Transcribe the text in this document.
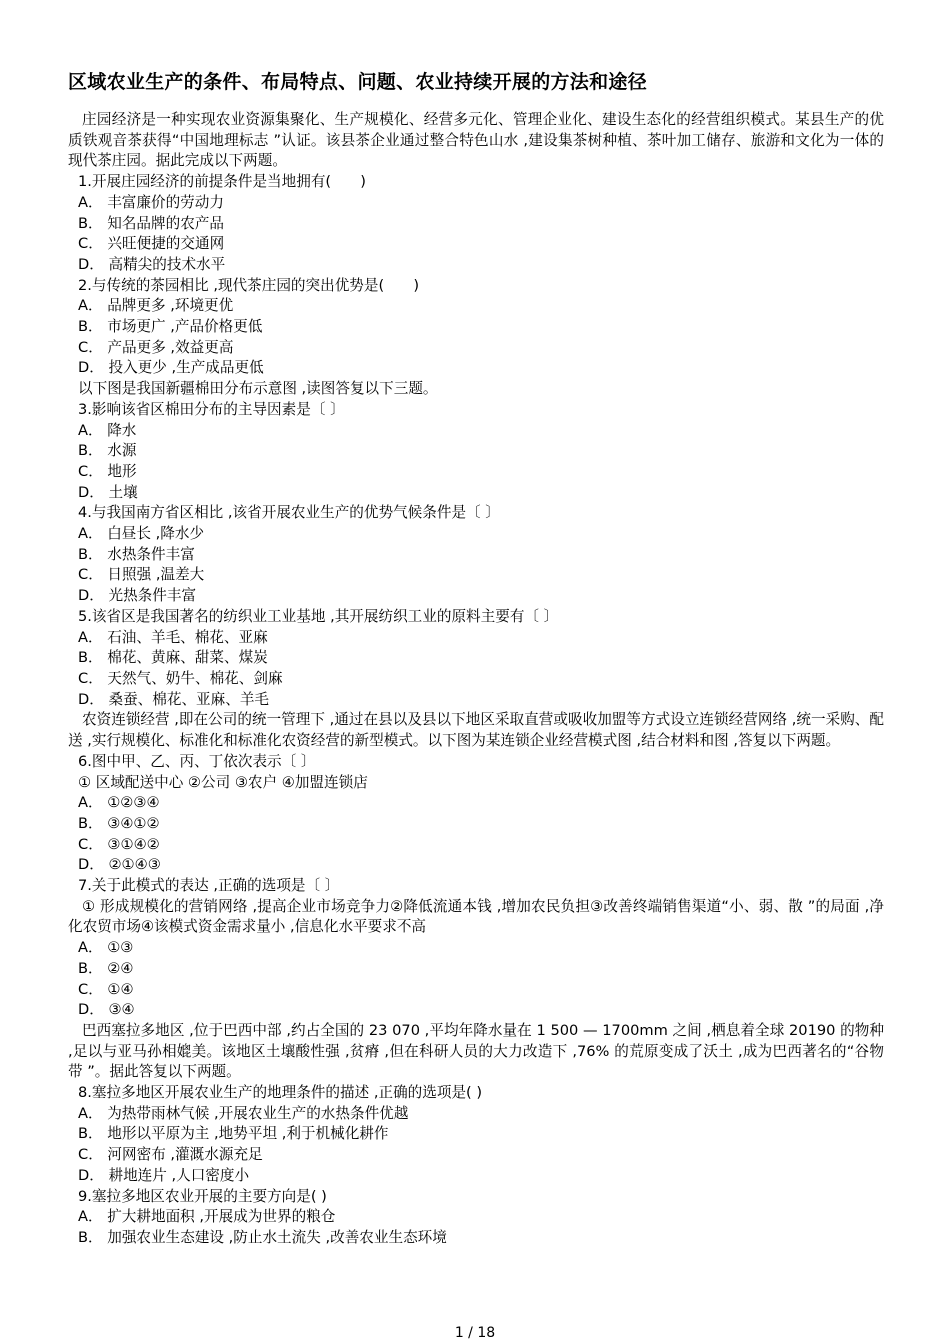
区域农业生产的条件、布局特点、问题、农业持续开展的方法和途径
庄园经济是一种实现农业资源集聚化、生产规模化、经营多元化、管理企业化、建设生态化的经营组织模式。某县生产的优质铁观音茶获得“中国地理标志 ”认证。该县茶企业通过整合特色山水 ,建设集茶树种植、茶叶加工储存、旅游和文化为一体的现代茶庄园。据此完成以下两题。
1.开展庄园经济的前提条件是当地拥有(　　)
A． 丰富廉价的劳动力
B． 知名品牌的农产品
C． 兴旺便捷的交通网
D． 高精尖的技术水平
2.与传统的茶园相比 ,现代茶庄园的突出优势是(　　)
A． 品牌更多 ,环境更优
B． 市场更广 ,产品价格更低
C． 产品更多 ,效益更高
D． 投入更少 ,生产成品更低
以下图是我国新疆棉田分布示意图 ,读图答复以下三题。
3.影响该省区棉田分布的主导因素是〔 〕
A． 降水
B． 水源
C． 地形
D． 土壤
4.与我国南方省区相比 ,该省开展农业生产的优势气候条件是〔 〕
A． 白昼长 ,降水少
B． 水热条件丰富
C． 日照强 ,温差大
D． 光热条件丰富
5.该省区是我国著名的纺织业工业基地 ,其开展纺织工业的原料主要有〔 〕
A． 石油、羊毛、棉花、亚麻
B． 棉花、黄麻、甜菜、煤炭
C． 天然气、奶牛、棉花、剑麻
D． 桑蚕、棉花、亚麻、羊毛
农资连锁经营 ,即在公司的统一管理下 ,通过在县以及县以下地区采取直营或吸收加盟等方式设立连锁经营网络 ,统一采购、配送 ,实行规模化、标准化和标准化农资经营的新型模式。以下图为某连锁企业经营模式图 ,结合材料和图 ,答复以下两题。
6.图中甲、乙、丙、丁依次表示〔 〕
① 区域配送中心 ②公司 ③农户 ④加盟连锁店
A． ①②③④
B． ③④①②
C． ③①④②
D． ②①④③
7.关于此模式的表达 ,正确的选项是〔 〕
① 形成规模化的营销网络 ,提高企业市场竞争力②降低流通本钱 ,增加农民负担③改善终端销售渠道“小、弱、散 ”的局面 ,净化农贸市场④该模式资金需求量小 ,信息化水平要求不高
A． ①③
B． ②④
C． ①④
D． ③④
巴西塞拉多地区 ,位于巴西中部 ,约占全国的 23 070 ,平均年降水量在 1 500 — 1700mm 之间 ,栖息着全球 20190 的物种 ,足以与亚马孙相媲美。该地区土壤酸性强 ,贫瘠 ,但在科研人员的大力改造下 ,76% 的荒原变成了沃土 ,成为巴西著名的“谷物带 ”。据此答复以下两题。
8.塞拉多地区开展农业生产的地理条件的描述 ,正确的选项是( )
A． 为热带雨林气候 ,开展农业生产的水热条件优越
B． 地形以平原为主 ,地势平坦 ,利于机械化耕作
C． 河网密布 ,灌溉水源充足
D． 耕地连片 ,人口密度小
9.塞拉多地区农业开展的主要方向是( )
A． 扩大耕地面积 ,开展成为世界的粮仓
B． 加强农业生态建设 ,防止水土流失 ,改善农业生态环境
1 / 18
